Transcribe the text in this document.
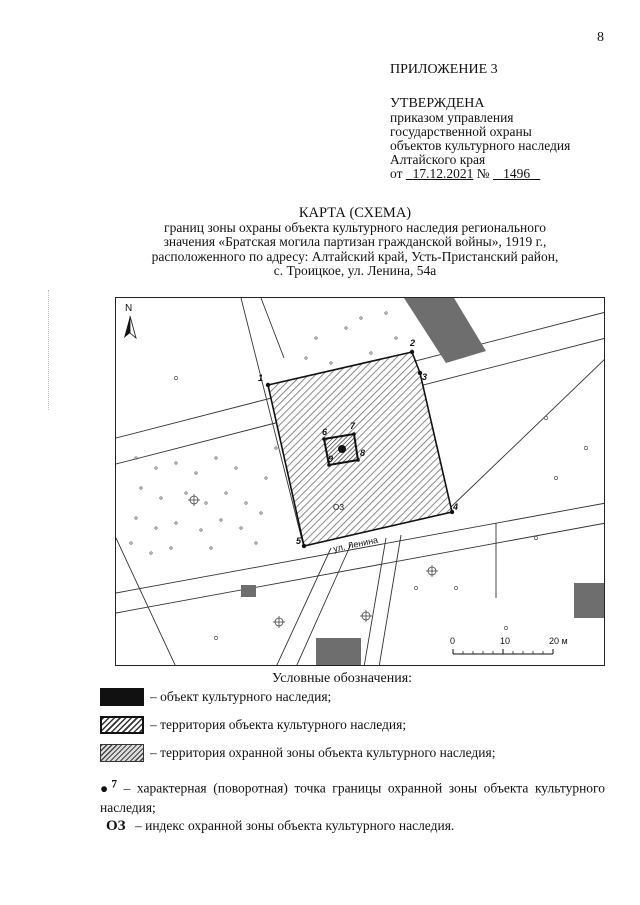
8
ПРИЛОЖЕНИЕ 3
УТВЕРЖДЕНА
приказом управления
государственной охраны
объектов культурного наследия
Алтайского края
от 17.12.2021 № 1496
КАРТА (СХЕМА)
границ зоны охраны объекта культурного наследия регионального
значения «Братская могила партизан гражданской войны», 1919 г.,
расположенного по адресу: Алтайский край, Усть-Пристанский район,
с. Троицкое, ул. Ленина, 54а
1
2
3
4
5
6
7
8
9
ОЗ
ул. Ленина
N
0	10	20 м
Условные обозначения:
– объект культурного наследия;
– территория объекта культурного наследия;
– территория охранной зоны объекта культурного наследия;
●$^7$ – характерная (поворотная) точка границы охранной зоны объекта культурного наследия;
ОЗ – индекс охранной зоны объекта культурного наследия.
